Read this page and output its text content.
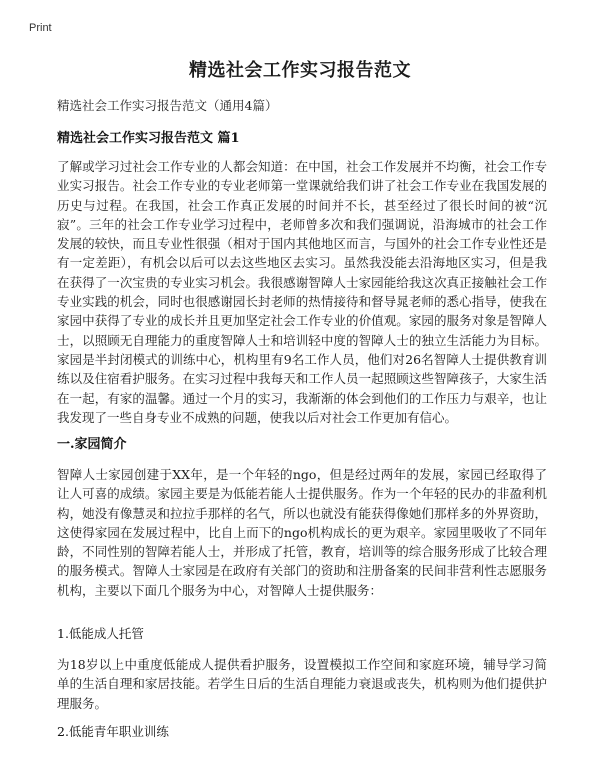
Print
精选社会工作实习报告范文
精选社会工作实习报告范文（通用4篇）
精选社会工作实习报告范文 篇1

了解或学习过社会工作专业的人都会知道：在中国，社会工作发展并不均衡，社会工作专业实习报告。社会工作专业的专业老师第一堂课就给我们讲了社会工作专业在我国发展的历史与过程。在我国，社会工作真正发展的时间并不长，甚至经过了很长时间的被“沉寂”。三年的社会工作专业学习过程中，老师曾多次和我们强调说，沿海城市的社会工作发展的较快，而且专业性很强（相对于国内其他地区而言，与国外的社会工作专业性还是有一定差距），有机会以后可以去这些地区去实习。虽然我没能去沿海地区实习，但是我在获得了一次宝贵的专业实习机会。我很感谢智障人士家园能给我这次真正接触社会工作专业实践的机会，同时也很感谢园长封老师的热情接待和督导晁老师的悉心指导，使我在家园中获得了专业的成长并且更加坚定社会工作专业的价值观。家园的服务对象是智障人士，以照顾无自理能力的重度智障人士和培训轻中度的智障人士的独立生活能力为目标。家园是半封闭模式的训练中心，机构里有9名工作人员，他们对26名智障人士提供教育训练以及住宿看护服务。在实习过程中我每天和工作人员一起照顾这些智障孩子，大家生活在一起，有家的温馨。通过一个月的实习，我渐渐的体会到他们的工作压力与艰辛，也让我发现了一些自身专业不成熟的问题，使我以后对社会工作更加有信心。

一.家园简介

智障人士家园创建于XX年，是一个年轻的ngo，但是经过两年的发展，家园已经取得了让人可喜的成绩。家园主要是为低能若能人士提供服务。作为一个年轻的民办的非盈利机构，她没有像慧灵和拉拉手那样的名气，所以也就没有能获得像她们那样多的外界资助，这使得家园在发展过程中，比自上而下的ngo机构成长的更为艰辛。家园里吸收了不同年龄，不同性别的智障若能人士，并形成了托管，教育，培训等的综合服务形成了比较合理的服务模式。智障人士家园是在政府有关部门的资助和注册备案的民间非营利性志愿服务机构，主要以下面几个服务为中心，对智障人士提供服务：

1.低能成人托管

为18岁以上中重度低能成人提供看护服务，设置模拟工作空间和家庭环境，辅导学习简单的生活自理和家居技能。若学生日后的生活自理能力衰退或丧失，机构则为他们提供护理服务。

2.低能青年职业训练
